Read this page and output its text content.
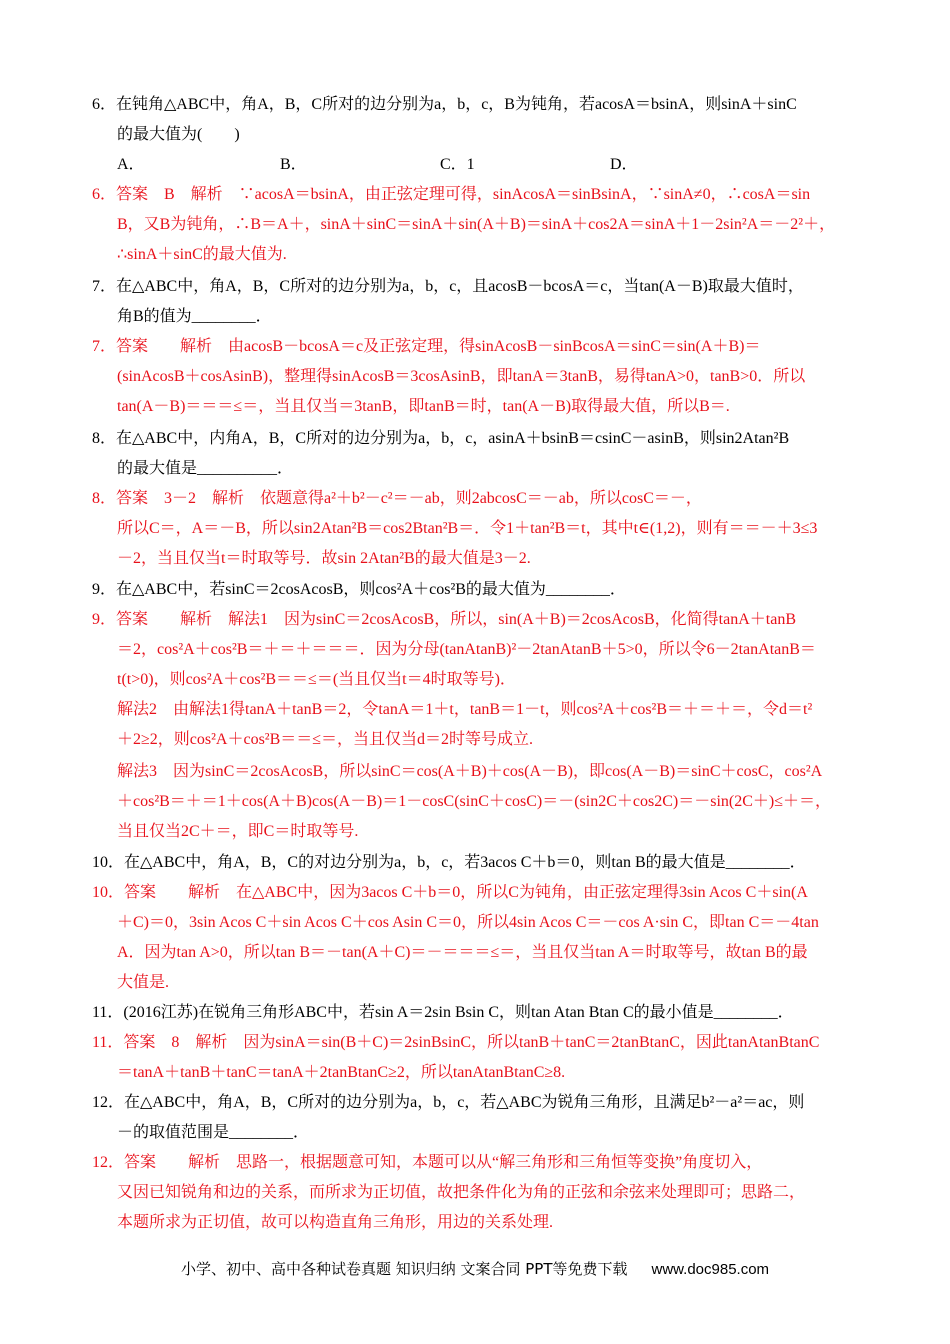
6．在钝角△ABC中，角A，B，C所对的边分别为a，b，c，B为钝角，若acosA＝bsinA，则sinA＋sinC
的最大值为(　　)
6．答案　B　解析　∵acosA＝bsinA，由正弦定理可得，sinAcosA＝sinBsinA，∵sinA≠0，∴cosA＝sin
B，又B为钝角，∴B＝A＋，sinA＋sinC＝sinA＋sin(A＋B)＝sinA＋cos2A＝sinA＋1－2sin²A＝－2²＋，
∴sinA＋sinC的最大值为.
7．在△ABC中，角A，B，C所对的边分别为a，b，c，且acosB－bcosA＝c，当tan(A－B)取最大值时，
角B的值为________．
7．答案　　解析　由acosB－bcosA＝c及正弦定理，得sinAcosB－sinBcosA＝sinC＝sin(A＋B)＝
(sinAcosB＋cosAsinB)，整理得sinAcosB＝3cosAsinB，即tanA＝3tanB，易得tanA>0，tanB>0．所以
tan(A－B)＝＝＝≤＝，当且仅当＝3tanB，即tanB＝时，tan(A－B)取得最大值，所以B＝.
8．在△ABC中，内角A，B，C所对的边分别为a，b，c，asinA＋bsinB＝csinC－asinB，则sin2Atan²B
的最大值是__________．
8．答案　3－2　解析　依题意得a²＋b²－c²＝－ab，则2abcosC＝－ab，所以cosC＝－，
所以C＝，A＝－B，所以sin2Atan²B＝cos2Btan²B＝．令1＋tan²B＝t，其中t∈(1,2)，则有＝＝－＋3≤3
－2，当且仅当t＝时取等号．故sin 2Atan²B的最大值是3－2.
9．在△ABC中，若sinC＝2cosAcosB，则cos²A＋cos²B的最大值为________．
9．答案　　解析　解法1　因为sinC＝2cosAcosB，所以，sin(A＋B)＝2cosAcosB，化简得tanA＋tanB
＝2，cos²A＋cos²B＝＋＝＋＝＝＝．因为分母(tanAtanB)²－2tanAtanB＋5>0，所以令6－2tanAtanB＝
t(t>0)，则cos²A＋cos²B＝＝≤＝(当且仅当t＝4时取等号)．
解法2　由解法1得tanA＋tanB＝2，令tanA＝1＋t，tanB＝1－t，则cos²A＋cos²B＝＋＝＋＝，令d＝t²
＋2≥2，则cos²A＋cos²B＝＝≤＝，当且仅当d＝2时等号成立.
解法3　因为sinC＝2cosAcosB，所以sinC＝cos(A＋B)＋cos(A－B)，即cos(A－B)＝sinC＋cosC，cos²A
＋cos²B＝＋＝1＋cos(A＋B)cos(A－B)＝1－cosC(sinC＋cosC)＝－(sin2C＋cos2C)＝－sin(2C＋)≤＋＝，
当且仅当2C＋＝，即C＝时取等号.
10．在△ABC中，角A，B，C的对边分别为a，b，c，若3acos C＋b＝0，则tan B的最大值是________．
10．答案　　解析　在△ABC中，因为3acos C＋b＝0，所以C为钝角，由正弦定理得3sin Acos C＋sin(A
＋C)＝0，3sin Acos C＋sin Acos C＋cos Asin C＝0，所以4sin Acos C＝－cos A·sin C，即tan C＝－4tan
A．因为tan A>0，所以tan B＝－tan(A＋C)＝－＝＝＝≤＝，当且仅当tan A＝时取等号，故tan B的最
大值是.
11．(2016江苏)在锐角三角形ABC中，若sin A＝2sin Bsin C，则tan Atan Btan C的最小值是________．
11．答案　8　解析　因为sinA＝sin(B＋C)＝2sinBsinC，所以tanB＋tanC＝2tanBtanC，因此tanAtanBtanC
＝tanA＋tanB＋tanC＝tanA＋2tanBtanC≥2，所以tanAtanBtanC≥8.
12．在△ABC中，角A，B，C所对的边分别为a，b，c，若△ABC为锐角三角形，且满足b²－a²＝ac，则
－的取值范围是________．
12．答案　　解析　思路一，根据题意可知，本题可以从“解三角形和三角恒等变换”角度切入，
又因已知锐角和边的关系，而所求为正切值，故把条件化为角的正弦和余弦来处理即可；思路二，
本题所求为正切值，故可以构造直角三角形，用边的关系处理.
A．	B．	C．1	D．
小学、初中、高中各种试卷真题 知识归纳 文案合同 PPT等免费下载 www.doc985.com
